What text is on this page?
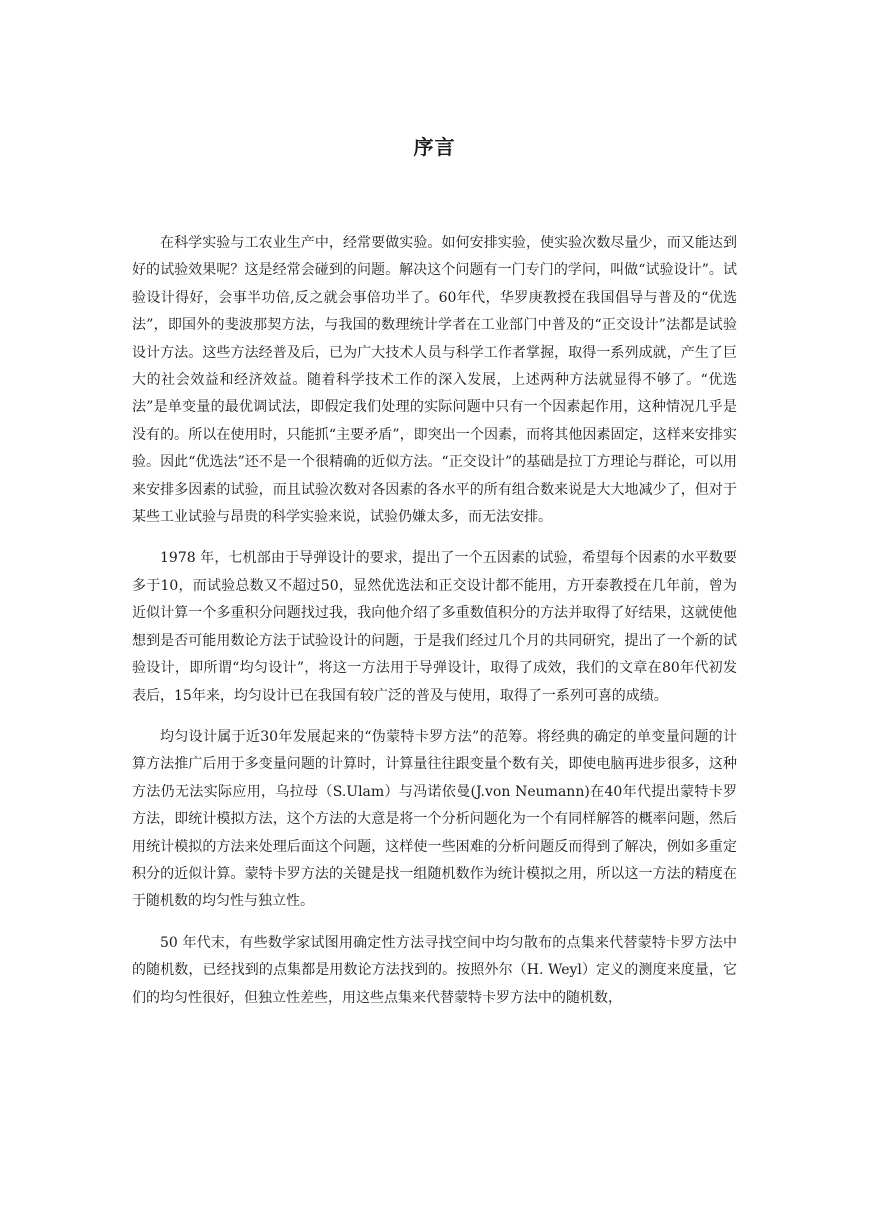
序言

在科学实验与工农业生产中，经常要做实验。如何安排实验，使实验次数尽量少，而又能达到好的试验效果呢？这是经常会碰到的问题。解决这个问题有一门专门的学问，叫做“试验设计”。试验设计得好，会事半功倍,反之就会事倍功半了。60年代，华罗庚教授在我国倡导与普及的“优选法”，即国外的斐波那契方法，与我国的数理统计学者在工业部门中普及的“正交设计”法都是试验设计方法。这些方法经普及后，已为广大技术人员与科学工作者掌握，取得一系列成就，产生了巨大的社会效益和经济效益。随着科学技术工作的深入发展，上述两种方法就显得不够了。“优选法”是单变量的最优调试法，即假定我们处理的实际问题中只有一个因素起作用，这种情况几乎是没有的。所以在使用时，只能抓“主要矛盾”，即突出一个因素，而将其他因素固定，这样来安排实验。因此“优选法”还不是一个很精确的近似方法。“正交设计”的基础是拉丁方理论与群论，可以用来安排多因素的试验，而且试验次数对各因素的各水平的所有组合数来说是大大地减少了，但对于某些工业试验与昂贵的科学实验来说，试验仍嫌太多，而无法安排。

1978 年，七机部由于导弹设计的要求，提出了一个五因素的试验，希望每个因素的水平数要多于10，而试验总数又不超过50，显然优选法和正交设计都不能用，方开泰教授在几年前，曾为近似计算一个多重积分问题找过我，我向他介绍了多重数值积分的方法并取得了好结果，这就使他想到是否可能用数论方法于试验设计的问题，于是我们经过几个月的共同研究，提出了一个新的试验设计，即所谓“均匀设计”，将这一方法用于导弹设计，取得了成效，我们的文章在80年代初发表后，15年来，均匀设计已在我国有较广泛的普及与使用，取得了一系列可喜的成绩。

均匀设计属于近30年发展起来的“伪蒙特卡罗方法”的范筹。将经典的确定的单变量问题的计算方法推广后用于多变量问题的计算时，计算量往往跟变量个数有关，即使电脑再进步很多，这种方法仍无法实际应用，乌拉母（S.Ulam）与冯诺依曼(J.von Neumann)在40年代提出蒙特卡罗方法，即统计模拟方法，这个方法的大意是将一个分析问题化为一个有同样解答的概率问题，然后用统计模拟的方法来处理后面这个问题，这样使一些困难的分析问题反而得到了解决，例如多重定积分的近似计算。蒙特卡罗方法的关键是找一组随机数作为统计模拟之用，所以这一方法的精度在于随机数的均匀性与独立性。

50 年代末，有些数学家试图用确定性方法寻找空间中均匀散布的点集来代替蒙特卡罗方法中的随机数，已经找到的点集都是用数论方法找到的。按照外尔（H. Weyl）定义的测度来度量，它们的均匀性很好，但独立性差些，用这些点集来代替蒙特卡罗方法中的随机数，
